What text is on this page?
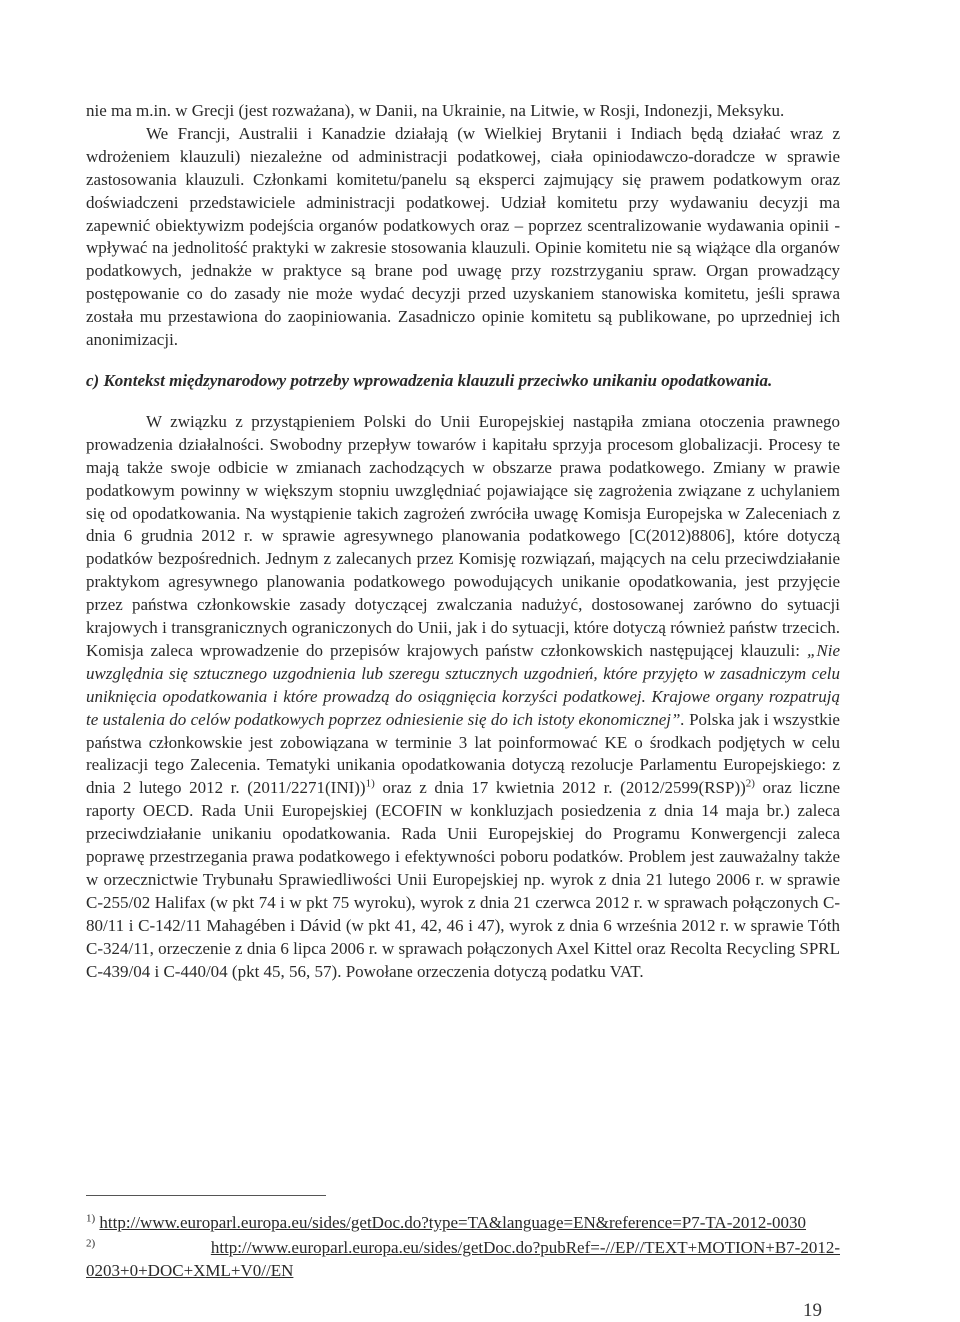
nie ma m.in. w Grecji (jest rozważana), w Danii, na Ukrainie, na Litwie, w Rosji, Indonezji, Meksyku.

We Francji, Australii i Kanadzie działają (w Wielkiej Brytanii i Indiach będą działać wraz z wdrożeniem klauzuli) niezależne od administracji podatkowej, ciała opiniodawczo-doradcze w sprawie zastosowania klauzuli. Członkami komitetu/panelu są eksperci zajmujący się prawem podatkowym oraz doświadczeni przedstawiciele administracji podatkowej. Udział komitetu przy wydawaniu decyzji ma zapewnić obiektywizm podejścia organów podatkowych oraz – poprzez scentralizowanie wydawania opinii - wpływać na jednolitość praktyki w zakresie stosowania klauzuli. Opinie komitetu nie są wiążące dla organów podatkowych, jednakże w praktyce są brane pod uwagę przy rozstrzyganiu spraw. Organ prowadzący postępowanie co do zasady nie może wydać decyzji przed uzyskaniem stanowiska komitetu, jeśli sprawa została mu przestawiona do zaopiniowania. Zasadniczo opinie komitetu są publikowane, po uprzedniej ich anonimizacji.

c) Kontekst międzynarodowy potrzeby wprowadzenia klauzuli przeciwko unikaniu opodatkowania.

W związku z przystąpieniem Polski do Unii Europejskiej nastąpiła zmiana otoczenia prawnego prowadzenia działalności. Swobodny przepływ towarów i kapitału sprzyja procesom globalizacji. Procesy te mają także swoje odbicie w zmianach zachodzących w obszarze prawa podatkowego. Zmiany w prawie podatkowym powinny w większym stopniu uwzględniać pojawiające się zagrożenia związane z uchylaniem się od opodatkowania. Na wystąpienie takich zagrożeń zwróciła uwagę Komisja Europejska w Zaleceniach z dnia 6 grudnia 2012 r. w sprawie agresywnego planowania podatkowego [C(2012)8806], które dotyczą podatków bezpośrednich. Jednym z zalecanych przez Komisję rozwiązań, mających na celu przeciwdziałanie praktykom agresywnego planowania podatkowego powodujących unikanie opodatkowania, jest przyjęcie przez państwa członkowskie zasady dotyczącej zwalczania nadużyć, dostosowanej zarówno do sytuacji krajowych i transgranicznych ograniczonych do Unii, jak i do sytuacji, które dotyczą również państw trzecich. Komisja zaleca wprowadzenie do przepisów krajowych państw członkowskich następującej klauzuli: „Nie uwzględnia się sztucznego uzgodnienia lub szeregu sztucznych uzgodnień, które przyjęto w zasadniczym celu uniknięcia opodatkowania i które prowadzą do osiągnięcia korzyści podatkowej. Krajowe organy rozpatrują te ustalenia do celów podatkowych poprzez odniesienie się do ich istoty ekonomicznej”. Polska jak i wszystkie państwa członkowskie jest zobowiązana w terminie 3 lat poinformować KE o środkach podjętych w celu realizacji tego Zalecenia. Tematyki unikania opodatkowania dotyczą rezolucje Parlamentu Europejskiego: z dnia 2 lutego 2012 r. $(2011/2271(INI))^{1)}$ oraz z dnia 17 kwietnia 2012 r. $(2012/2599(RSP))^{2)}$ oraz liczne raporty OECD. Rada Unii Europejskiej (ECOFIN w konkluzjach posiedzenia z dnia 14 maja br.) zaleca przeciwdziałanie unikaniu opodatkowania. Rada Unii Europejskiej do Programu Konwergencji zaleca poprawę przestrzegania prawa podatkowego i efektywności poboru podatków. Problem jest zauważalny także w orzecznictwie Trybunału Sprawiedliwości Unii Europejskiej np. wyrok z dnia 21 lutego 2006 r. w sprawie C-255/02 Halifax (w pkt 74 i w pkt 75 wyroku), wyrok z dnia 21 czerwca 2012 r. w sprawach połączonych C-80/11 i C-142/11 Mahagében i Dávid (w pkt 41, 42, 46 i 47), wyrok z dnia 6 września 2012 r. w sprawie Tóth C-324/11, orzeczenie z dnia 6 lipca 2006 r. w sprawach połączonych Axel Kittel oraz Recolta Recycling SPRL C-439/04 i C-440/04 (pkt 45, 56, 57). Powołane orzeczenia dotyczą podatku VAT.

$^{1)}$ http://www.europarl.europa.eu/sides/getDoc.do?type=TA&language=EN&reference=P7-TA-2012-0030

$^{2)}$	http://www.europarl.europa.eu/sides/getDoc.do?pubRef=-//EP//TEXT+MOTION+B7-2012-0203+0+DOC+XML+V0//EN

19
